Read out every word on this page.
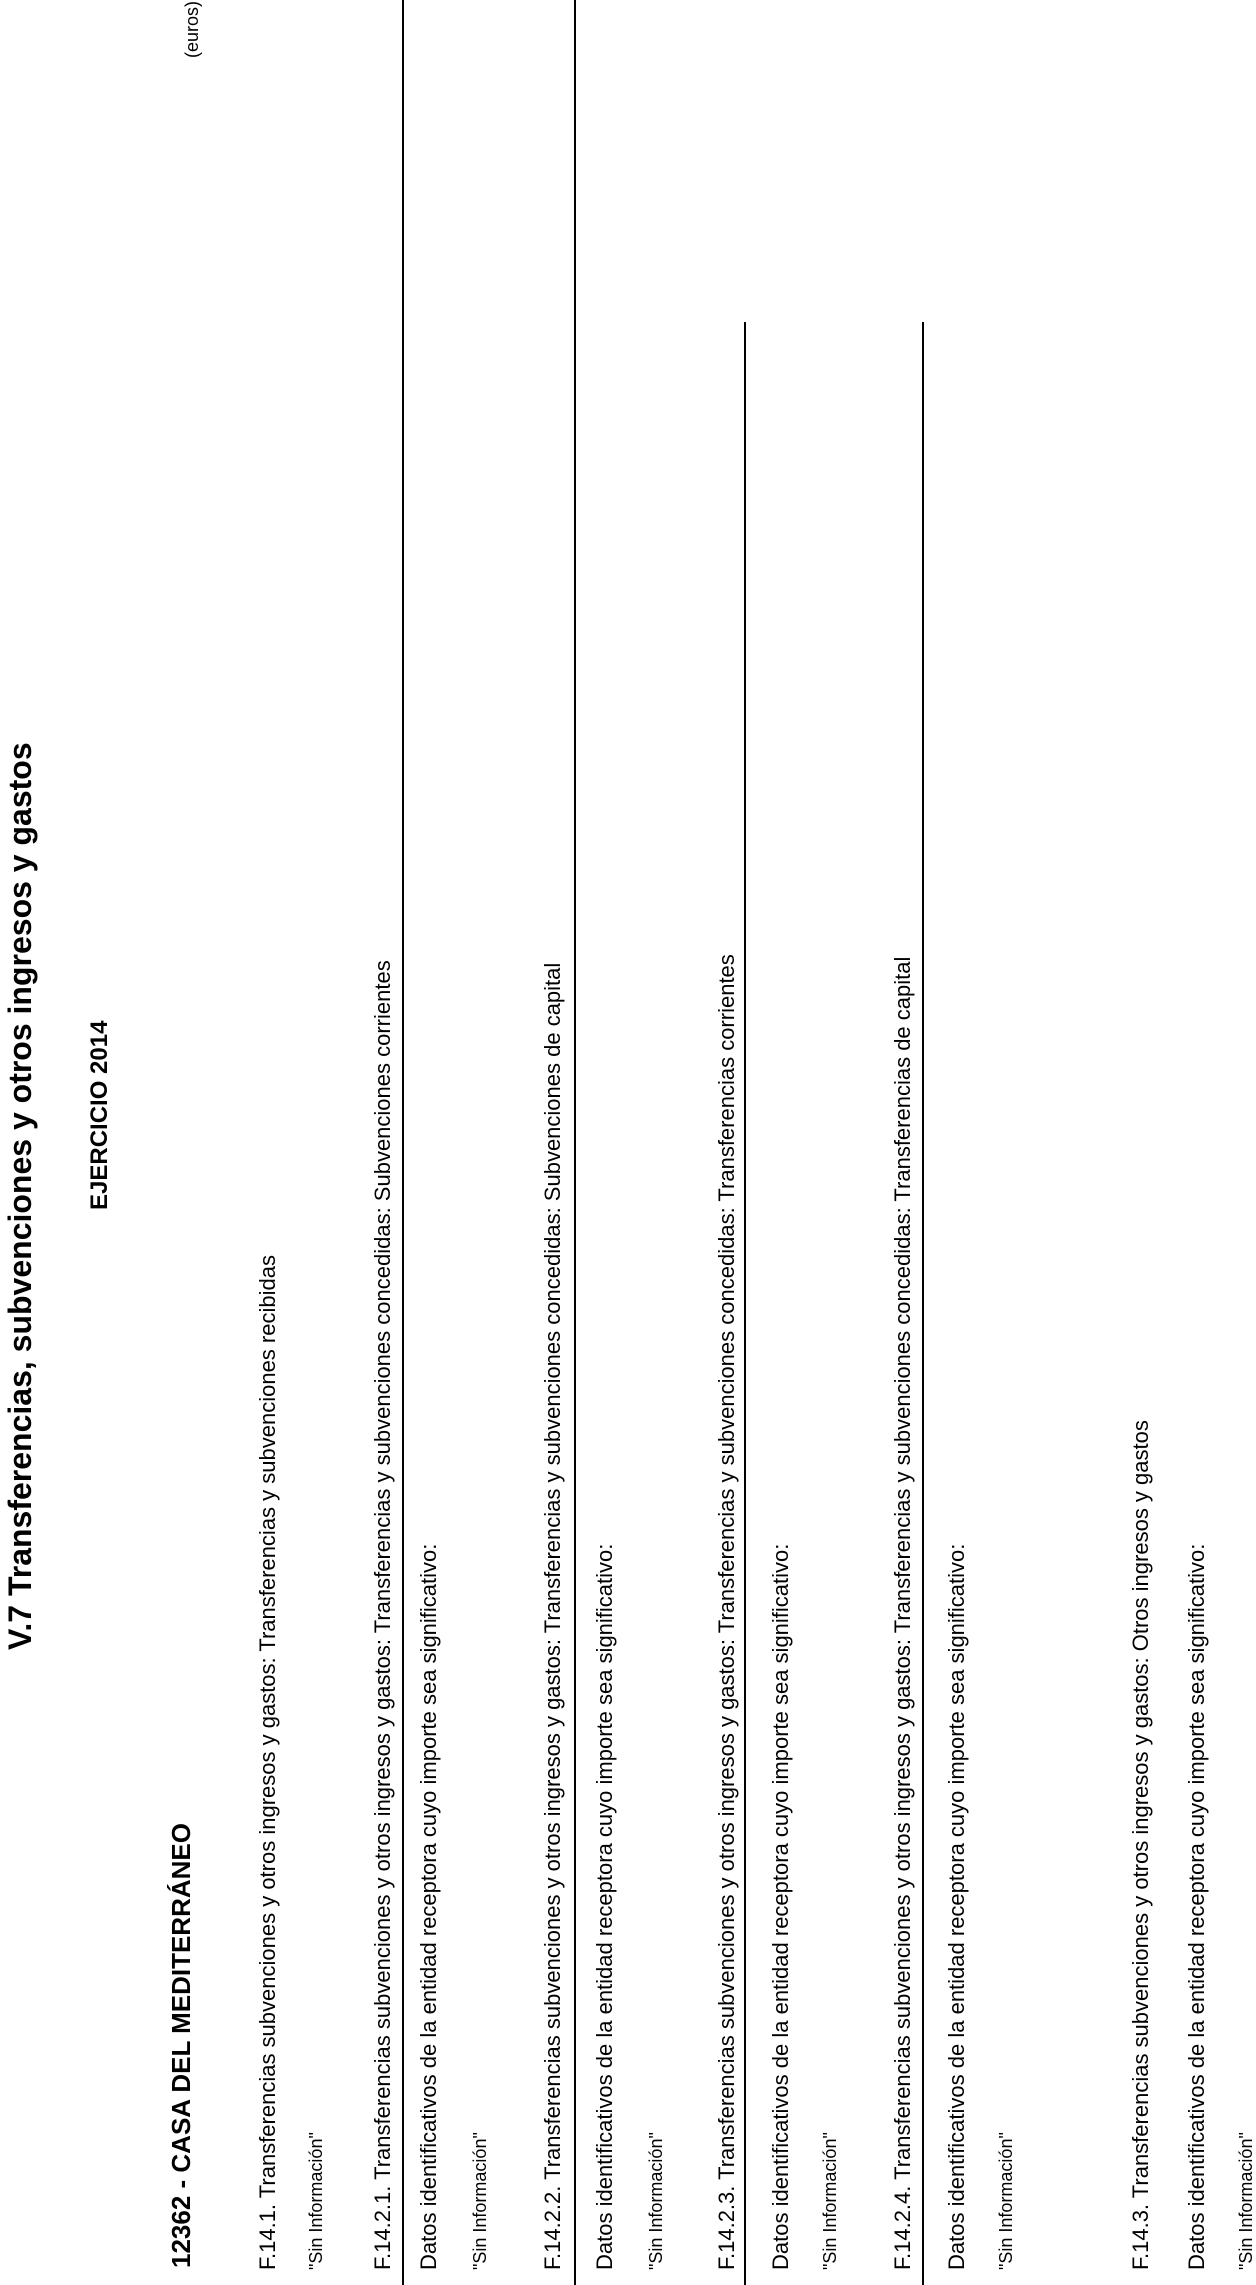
V.7 Transferencias, subvenciones y otros ingresos y gastos EJERCICIO 2014
(euros)
12362 - CASA DEL MEDITERRÁNEO	F.14.1. Transferencias subvenciones y otros ingresos y gastos: Transferencias y subvenciones recibidas "Sin Información" F.14.2.1. Transferencias subvenciones y otros ingresos y gastos: Transferencias y subvenciones concedidas: Subvenciones corrientes Datos identificativos de la entidad receptora cuyo importe sea significativo: "Sin Información" F.14.2.2. Transferencias subvenciones y otros ingresos y gastos: Transferencias y subvenciones concedidas: Subvenciones de capital Datos identificativos de la entidad receptora cuyo importe sea significativo: "Sin Información" F.14.2.3. Transferencias subvenciones y otros ingresos y gastos: Transferencias y subvenciones concedidas: Transferencias corrientes Datos identificativos de la entidad receptora cuyo importe sea significativo: "Sin Información" F.14.2.4. Transferencias subvenciones y otros ingresos y gastos: Transferencias y subvenciones concedidas: Transferencias de capital Datos identificativos de la entidad receptora cuyo importe sea significativo: "Sin Información"	F.14.3. Transferencias subvenciones y otros ingresos y gastos: Otros ingresos y gastos Datos identificativos de la entidad receptora cuyo importe sea significativo: "Sin Información"
